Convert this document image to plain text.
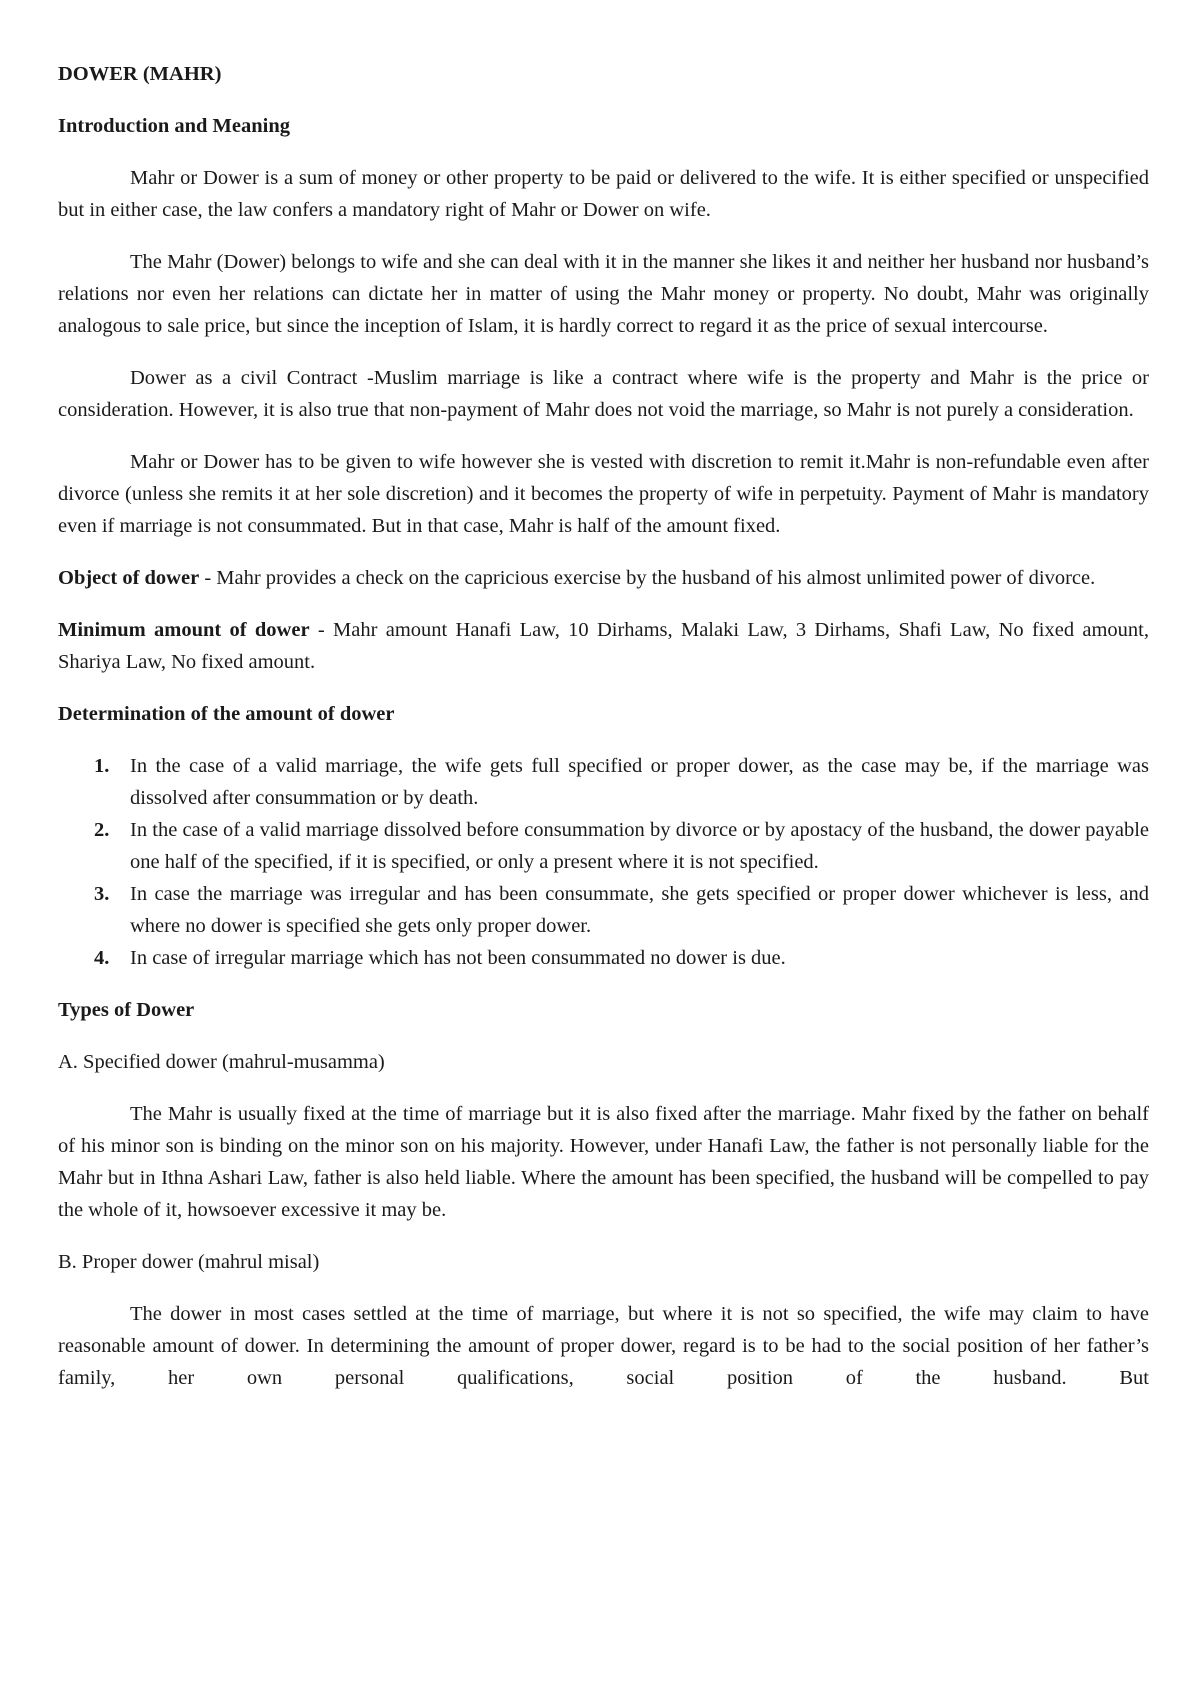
DOWER (MAHR)
Introduction and Meaning

Mahr or Dower is a sum of money or other property to be paid or delivered to the wife. It is either specified or unspecified but in either case, the law confers a mandatory right of Mahr or Dower on wife.

The Mahr (Dower) belongs to wife and she can deal with it in the manner she likes it and neither her husband nor husband’s relations nor even her relations can dictate her in matter of using the Mahr money or property. No doubt, Mahr was originally analogous to sale price, but since the inception of Islam, it is hardly correct to regard it as the price of sexual intercourse.

Dower as a civil Contract -Muslim marriage is like a contract where wife is the property and Mahr is the price or consideration. However, it is also true that non-payment of Mahr does not void the marriage, so Mahr is not purely a consideration.

Mahr or Dower has to be given to wife however she is vested with discretion to remit it.Mahr is non-refundable even after divorce (unless she remits it at her sole discretion) and it becomes the property of wife in perpetuity. Payment of Mahr is mandatory even if marriage is not consummated. But in that case, Mahr is half of the amount fixed.

Object of dower - Mahr provides a check on the capricious exercise by the husband of his almost unlimited power of divorce.

Minimum amount of dower - Mahr amount Hanafi Law, 10 Dirhams, Malaki Law, 3 Dirhams, Shafi Law, No fixed amount, Shariya Law, No fixed amount.

Determination of the amount of dower
1. In the case of a valid marriage, the wife gets full specified or proper dower, as the case may be, if the marriage was dissolved after consummation or by death.
2. In the case of a valid marriage dissolved before consummation by divorce or by apostacy of the husband, the dower payable one half of the specified, if it is specified, or only a present where it is not specified.
3. In case the marriage was irregular and has been consummate, she gets specified or proper dower whichever is less, and where no dower is specified she gets only proper dower.
4. In case of irregular marriage which has not been consummated no dower is due.
Types of Dower
A. Specified dower (mahrul-musamma)

The Mahr is usually fixed at the time of marriage but it is also fixed after the marriage. Mahr fixed by the father on behalf of his minor son is binding on the minor son on his majority. However, under Hanafi Law, the father is not personally liable for the Mahr but in Ithna Ashari Law, father is also held liable. Where the amount has been specified, the husband will be compelled to pay the whole of it, howsoever excessive it may be.

B. Proper dower (mahrul misal)

The dower in most cases settled at the time of marriage, but where it is not so specified, the wife may claim to have reasonable amount of dower. In determining the amount of proper dower, regard is to be had to the social position of her father’s family, her own personal qualifications, social position of the husband. But
